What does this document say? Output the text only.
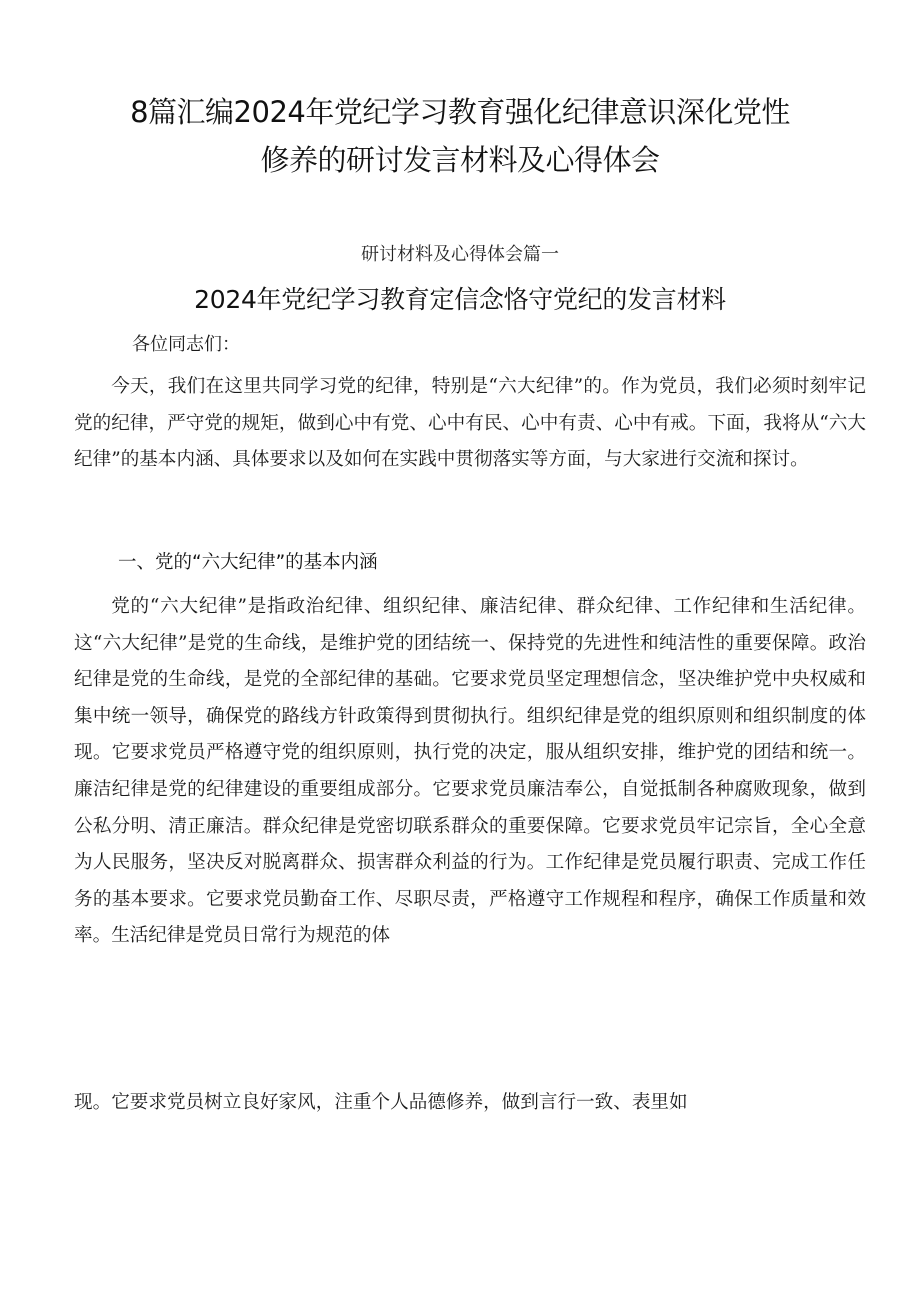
8篇汇编2024年党纪学习教育强化纪律意识深化党性
修养的研讨发言材料及心得体会
研讨材料及心得体会篇一
2024年党纪学习教育定信念恪守党纪的发言材料
各位同志们：
今天，我们在这里共同学习党的纪律，特别是“六大纪律”的。作为党员，我们必须时刻牢记党的纪律，严守党的规矩，做到心中有党、心中有民、心中有责、心中有戒。下面，我将从“六大纪律”的基本内涵、具体要求以及如何在实践中贯彻落实等方面，与大家进行交流和探讨。
一、党的“六大纪律”的基本内涵
党的“六大纪律”是指政治纪律、组织纪律、廉洁纪律、群众纪律、工作纪律和生活纪律。这“六大纪律”是党的生命线，是维护党的团结统一、保持党的先进性和纯洁性的重要保障。政治纪律是党的生命线，是党的全部纪律的基础。它要求党员坚定理想信念，坚决维护党中央权威和集中统一领导，确保党的路线方针政策得到贯彻执行。组织纪律是党的组织原则和组织制度的体现。它要求党员严格遵守党的组织原则，执行党的决定，服从组织安排，维护党的团结和统一。廉洁纪律是党的纪律建设的重要组成部分。它要求党员廉洁奉公，自觉抵制各种腐败现象，做到公私分明、清正廉洁。群众纪律是党密切联系群众的重要保障。它要求党员牢记宗旨，全心全意为人民服务，坚决反对脱离群众、损害群众利益的行为。工作纪律是党员履行职责、完成工作任务的基本要求。它要求党员勤奋工作、尽职尽责，严格遵守工作规程和程序，确保工作质量和效率。生活纪律是党员日常行为规范的体
现。它要求党员树立良好家风，注重个人品德修养，做到言行一致、表里如
